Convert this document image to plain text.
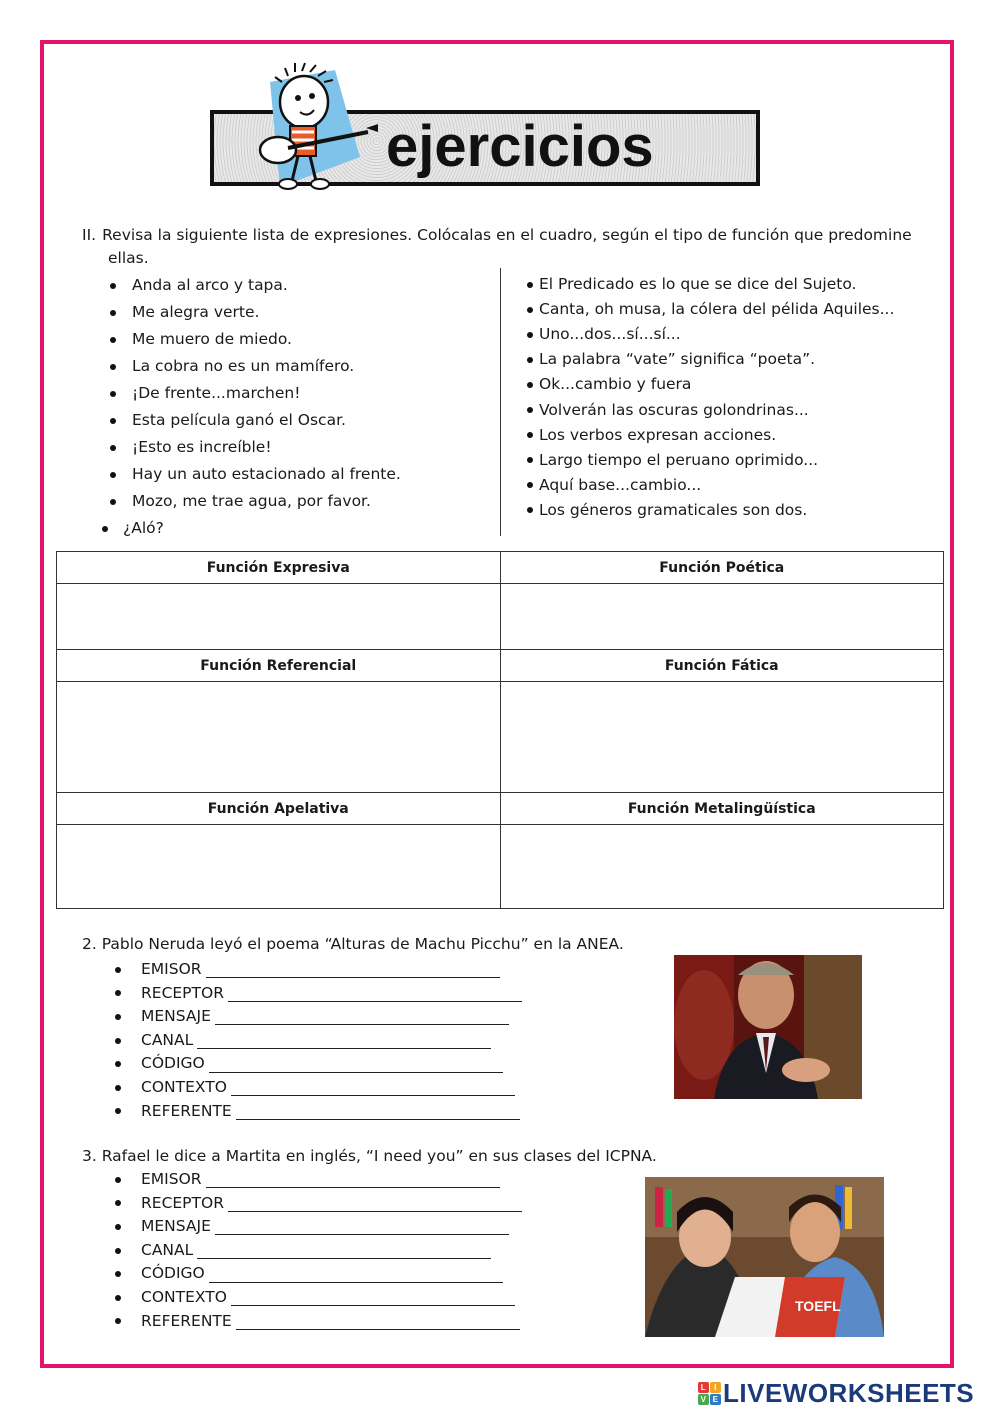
ejercicios
II. Revisa la siguiente lista de expresiones. Colócalas en el cuadro, según el tipo de función que predomine
ellas.
Anda al arco y tapa.
Me alegra verte.
Me muero de miedo.
La cobra no es un mamífero.
¡De frente...marchen!
Esta película ganó el Oscar.
¡Esto es increíble!
Hay un auto estacionado al frente.
Mozo, me trae agua, por favor.
¿Aló?
El Predicado es lo que se dice del Sujeto.
Canta, oh musa, la cólera del pélida Aquiles...
Uno...dos...sí...sí...
La palabra “vate” significa “poeta”.
Ok...cambio y fuera
Volverán las oscuras golondrinas...
Los verbos expresan acciones.
Largo tiempo el peruano oprimido...
Aquí base...cambio...
Los géneros gramaticales son dos.
Función Expresiva	Función Poética

Función Referencial	Función Fática

Función Apelativa	Función Metalingüística

2. Pablo Neruda leyó el poema “Alturas de Machu Picchu” en la ANEA.
EMISOR
RECEPTOR
MENSAJE
CANAL
CÓDIGO
CONTEXTO
REFERENTE
3. Rafael le dice a Martita en inglés, “I need you” en sus clases del ICPNA.
EMISOR
RECEPTOR
MENSAJE
CANAL
CÓDIGO
CONTEXTO
REFERENTE
TOEFL
L I
V E LIVEWORKSHEETS
